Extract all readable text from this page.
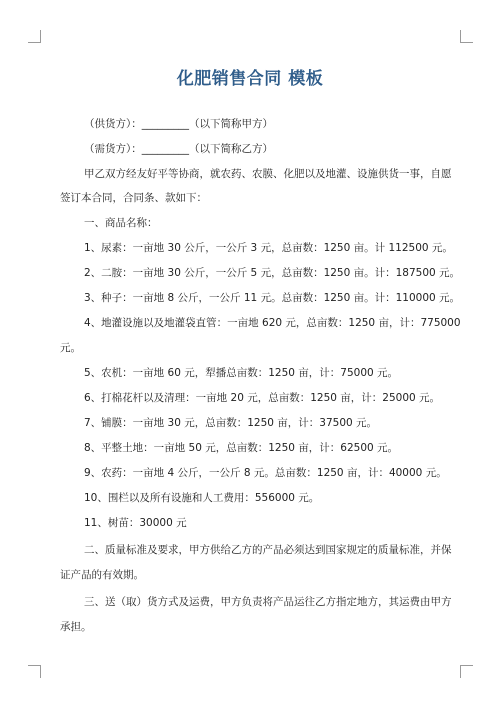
化肥销售合同 模板
（供货方）：_________（以下简称甲方）
（需货方）：_________（以下简称乙方）
甲乙双方经友好平等协商，就农药、农膜、化肥以及地灌、设施供货一事，自愿
签订本合同，合同条、款如下：
一、商品名称：
1、尿素：一亩地 30 公斤，一公斤 3 元，总亩数：1250 亩。计 112500 元。
2、二胺：一亩地 30 公斤，一公斤 5 元，总亩数：1250 亩。计：187500 元。
3、种子：一亩地 8 公斤，一公斤 11 元。总亩数：1250 亩。计：110000 元。
4、地灌设施以及地灌袋直管：一亩地 620 元，总亩数：1250 亩，计：775000
元。
5、农机：一亩地 60 元，犁播总亩数：1250 亩，计：75000 元。
6、打棉花杆以及清理：一亩地 20 元，总亩数：1250 亩，计：25000 元。
7、铺膜：一亩地 30 元，总亩数：1250 亩，计：37500 元。
8、平整土地：一亩地 50 元，总亩数：1250 亩，计：62500 元。
9、农药：一亩地 4 公斤，一公斤 8 元。总亩数：1250 亩，计：40000 元。
10、围栏以及所有设施和人工费用：556000 元。
11、树苗：30000 元
二、质量标准及要求，甲方供给乙方的产品必须达到国家规定的质量标准，并保
证产品的有效期。
三、送（取）货方式及运费，甲方负责将产品运往乙方指定地方，其运费由甲方
承担。
